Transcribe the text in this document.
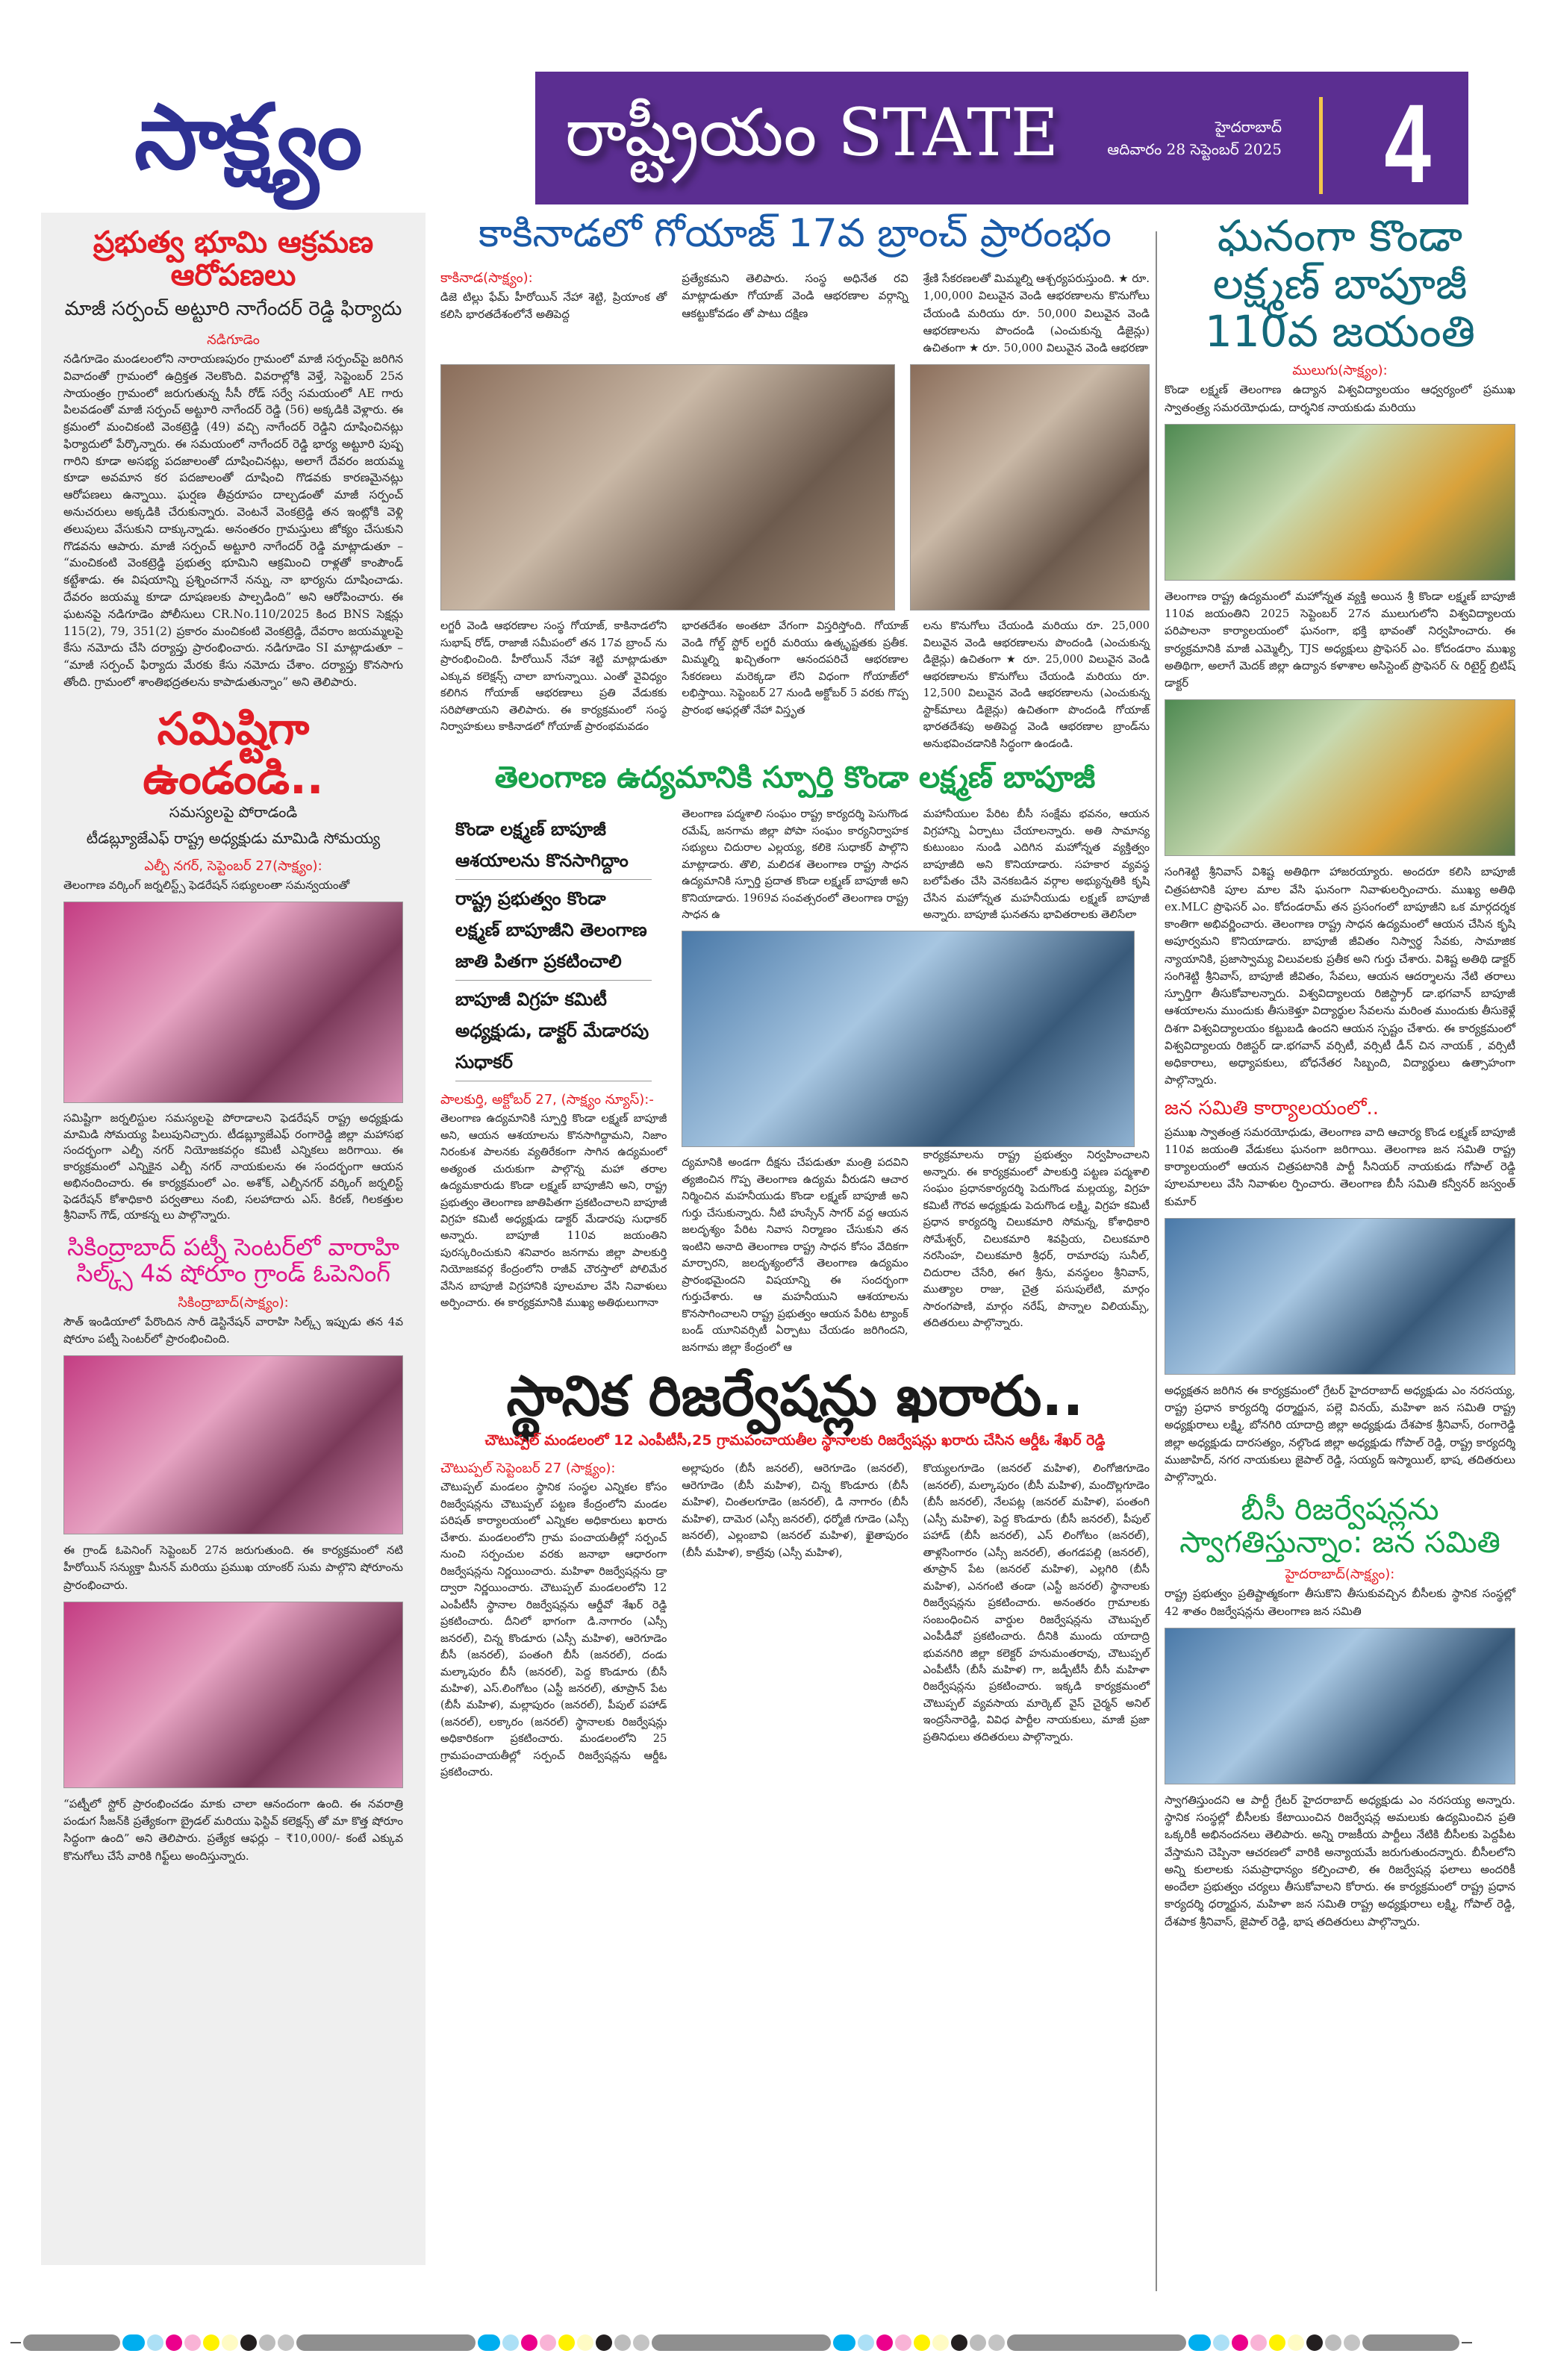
సాక్ష్యం	రాష్ట్రీయం STATE	హైదరాబాద్
ఆదివారం 28 సెప్టెంబర్ 2025 4
ప్రభుత్వ భూమి ఆక్రమణ ఆరోపణలు
మాజీ సర్పంచ్ అట్టూరి నాగేందర్ రెడ్డి ఫిర్యాదు
నడిగూడెం
నడిగూడెం మండలంలోని నారాయణపురం గ్రామంలో మాజీ సర్పంచ్‌పై జరిగిన వివాదంతో గ్రామంలో ఉద్రిక్తత నెలకొంది. వివరాల్లోకి వెళ్తే, సెప్టెంబర్ 25న సాయంత్రం గ్రామంలో జరుగుతున్న సీసీ రోడ్ సర్వే సమయంలో AE గారు పిలవడంతో మాజీ సర్పంచ్ అట్టూరి నాగేందర్ రెడ్డి (56) అక్కడికి వెళ్లారు. ఈ క్రమంలో మంచికంటి వెంకట్రెడ్డి (49) వచ్చి నాగేందర్ రెడ్డిని దూషించినట్లు ఫిర్యాదులో పేర్కొన్నారు. ఈ సమయంలో నాగేందర్ రెడ్డి భార్య అట్టూరి పుష్ప గారిని కూడా అసభ్య పదజాలంతో దూషించినట్లు, అలాగే దేవరం జయమ్మ కూడా అవమాన కర పదజాలంతో దూషించి గొడవకు కారణమైనట్లు ఆరోపణలు ఉన్నాయి. ఘర్షణ తీవ్రరూపం దాల్చడంతో మాజీ సర్పంచ్ అనుచరులు అక్కడికి చేరుకున్నారు. వెంటనే వెంకట్రెడ్డి తన ఇంట్లోకి వెళ్లి తలుపులు వేసుకుని దాక్కున్నాడు. అనంతరం గ్రామస్తులు జోక్యం చేసుకుని గొడవను ఆపారు. మాజీ సర్పంచ్ అట్టూరి నాగేందర్ రెడ్డి మాట్లాడుతూ – “మంచికంటి వెంకట్రెడ్డి ప్రభుత్వ భూమిని ఆక్రమించి రాళ్లతో కాంపౌండ్ కట్టేశాడు. ఈ విషయాన్ని ప్రశ్నించగానే నన్ను, నా భార్యను దూషించాడు. దేవరం జయమ్మ కూడా దూషణలకు పాల్పడింది” అని ఆరోపించారు. ఈ ఘటనపై నడిగూడెం పోలీసులు CR.No.110/2025 కింద BNS సెక్షన్లు 115(2), 79, 351(2) ప్రకారం మంచికంటి వెంకట్రెడ్డి, దేవరాం జయమ్మలపై కేసు నమోదు చేసి దర్యాప్తు ప్రారంభించారు. నడిగూడెం SI మాట్లాడుతూ – “మాజీ సర్పంచ్ ఫిర్యాదు మేరకు కేసు నమోదు చేశాం. దర్యాప్తు కొనసాగు తోంది. గ్రామంలో శాంతిభద్రతలను కాపాడుతున్నాం” అని తెలిపారు.
సమిష్టిగా ఉండండి..
సమస్యలపై పోరాడండి
టీడబ్ల్యూజేఎఫ్ రాష్ట్ర అధ్యక్షుడు మామిడి సోమయ్య
ఎల్బీ నగర్, సెప్టెంబర్ 27(సాక్ష్యం):
తెలంగాణ వర్కింగ్ జర్నలిస్ట్స్ ఫెడరేషన్ సభ్యులంతా సమన్వయంతో
సమిష్టిగా జర్నలిస్టుల సమస్యలపై పోరాడాలని ఫెడరేషన్ రాష్ట్ర అధ్యక్షుడు మామిడి సోమయ్య పిలుపునిచ్చారు. టీడబ్ల్యూజేఎఫ్ రంగారెడ్డి జిల్లా మహాసభ సందర్భంగా ఎల్బీ నగర్ నియోజకవర్గం కమిటీ ఎన్నికలు జరిగాయి. ఈ కార్యక్రమంలో ఎన్నికైన ఎల్బీ నగర్ నాయకులను ఈ సందర్భంగా ఆయన అభినందించారు. ఈ కార్యక్రమంలో ఎం. అశోక్, ఎల్బీనగర్ వర్కింగ్ జర్నలిస్ట్ ఫెడరేషన్ కోశాధికారి పర్వతాలు నంబి, సలహాదారు ఎస్. కిరణ్, గిలకత్తుల శ్రీనివాస్ గౌడ్, యాకన్న లు పాల్గొన్నారు.
సికింద్రాబాద్ పట్నీ సెంటర్‌లో వారాహి సిల్క్స్ 4వ షోరూం గ్రాండ్ ఓపెనింగ్
సికింద్రాబాద్(సాక్ష్యం):
సౌత్ ఇండియాలో పేరొందిన సారీ డెస్టినేషన్ వారాహి సిల్క్స్ ఇప్పుడు తన 4వ షోరూం పట్నీ సెంటర్‌లో ప్రారంభించింది.
ఈ గ్రాండ్ ఓపెనింగ్ సెప్టెంబర్ 27న జరుగుతుంది. ఈ కార్యక్రమంలో నటి హీరోయిన్ సన్యుక్తా మీనన్ మరియు ప్రముఖ యాంకర్ సుమ పాల్గొని షోరూంను ప్రారంభించారు.
“పట్నీలో స్టోర్ ప్రారంభించడం మాకు చాలా ఆనందంగా ఉంది. ఈ నవరాత్రి పండుగ సీజన్‌కి ప్రత్యేకంగా బ్రైడల్ మరియు ఫెస్టివ్ కలెక్షన్స్ తో మా కొత్త షోరూం సిద్ధంగా ఉంది” అని తెలిపారు. ప్రత్యేక ఆఫర్లు – ₹10,000/- కంటే ఎక్కువ కొనుగోలు చేసే వారికి గిఫ్ట్‌లు అందిస్తున్నారు.
కాకినాడలో గోయాజ్ 17వ బ్రాంచ్ ప్రారంభం
కాకినాడ(సాక్ష్యం):
డిజె టిల్లు ఫేమ్ హీరోయిన్ నేహా శెట్టి, ప్రియాంక తో కలిసి భారతదేశంలోనే అతిపెద్ద
ప్రత్యేకమని తెలిపారు. సంస్థ అధినేత రవి మాట్లాడుతూ గోయాజ్ వెండి ఆభరణాల వర్గాన్ని ఆకట్టుకోవడం తో పాటు దక్షిణ
శ్రేణి సేకరణలతో మిమ్మల్ని ఆశ్చర్యపరుస్తుంది. ★ రూ. 1,00,000 విలువైన వెండి ఆభరణాలను కొనుగోలు చేయండి మరియు రూ. 50,000 విలువైన వెండి ఆభరణాలను పొందండి (ఎంచుకున్న డిజైన్లు) ఉచితంగా ★ రూ. 50,000 విలువైన వెండి ఆభరణా
లగ్జరీ వెండి ఆభరణాల సంస్థ గోయాజ్, కాకినాడలోని సుభాష్ రోడ్, రాజాజీ సమీపంలో తన 17వ బ్రాంచ్ ను ప్రారంభించింది. హీరోయిన్ నేహా శెట్టి మాట్లాడుతూ ఎక్కువ కలెక్షన్స్ చాలా బాగున్నాయి. ఎంతో వైవిధ్యం కలిగిన గోయాజ్ ఆభరణాలు ప్రతి వేడుకకు సరిపోతాయని తెలిపారు. ఈ కార్యక్రమంలో సంస్థ నిర్వాహకులు కాకినాడలో గోయాజ్ ప్రారంభమవడం
భారతదేశం అంతటా వేగంగా విస్తరిస్తోంది. గోయాజ్ వెండి గోల్డ్ స్టోర్ లగ్జరీ మరియు ఉత్కృష్టతకు ప్రతీక. మిమ్మల్ని ఖచ్చితంగా ఆనందపరిచే ఆభరణాల సేకరణలు మరెక్కడా లేని విధంగా గోయాజ్‌లో లభిస్తాయి. సెప్టెంబర్ 27 నుండి అక్టోబర్ 5 వరకు గొప్ప ప్రారంభ ఆఫర్లతో నేహా విస్తృత
లను కొనుగోలు చేయండి మరియు రూ. 25,000 విలువైన వెండి ఆభరణాలను పొందండి (ఎంచుకున్న డిజైన్లు) ఉచితంగా ★ రూ. 25,000 విలువైన వెండి ఆభరణాలను కొనుగోలు చేయండి మరియు రూ. 12,500 విలువైన వెండి ఆభరణాలను (ఎంచుకున్న స్టాక్‌మాలు డిజైన్లు) ఉచితంగా పొందండి గోయాజ్ భారతదేశపు అతిపెద్ద వెండి ఆభరణాల బ్రాండ్‌ను అనుభవించడానికి సిద్ధంగా ఉండండి.
తెలంగాణ ఉద్యమానికి స్పూర్తి కొండా లక్ష్మణ్ బాపూజీ
కొండా లక్ష్మణ్ బాపూజీ ఆశయాలను కొనసాగిద్దాం
రాష్ట్ర ప్రభుత్వం కొండా లక్ష్మణ్ బాపూజీని తెలంగాణ జాతి పితగా ప్రకటించాలి
బాపూజీ విగ్రహ కమిటీ అధ్యక్షుడు, డాక్టర్ మేడారపు సుధాకర్
పాలకుర్తి, అక్టోబర్ 27, (సాక్ష్యం న్యూస్):-
తెలంగాణ ఉద్యమానికి స్పూర్తి కొండా లక్ష్మణ్ బాపూజీ అని, ఆయన ఆశయాలను కొనసాగిద్దామని, నిజాం నిరంకుశ పాలనకు వ్యతిరేకంగా సాగిన ఉద్యమంలో అత్యంత చురుకుగా పాల్గొన్న మహా తరాల ఉద్యమకారుడు కొండా లక్ష్మణ్ బాపూజీని అని, రాష్ట్ర ప్రభుత్వం తెలంగాణ జాతిపితగా ప్రకటించాలని బాపూజీ విగ్రహ కమిటీ అధ్యక్షుడు డాక్టర్ మేడారపు సుధాకర్ అన్నారు. బాపూజీ 110వ జయంతిని పురస్కరించుకుని శనివారం జనగామ జిల్లా పాలకుర్తి నియోజకవర్గ కేంద్రంలోని రాజీవ్ చౌరస్తాలో పోలిమేర వేసిన బాపూజీ విగ్రహానికి పూలమాల వేసి నివాళులు అర్పించారు. ఈ కార్యక్రమానికి ముఖ్య అతిథులుగానా
తెలంగాణ పద్మశాలి సంఘం రాష్ట్ర కార్యదర్శి పెసుగొండ రమేష్, జనగామ జిల్లా పోపా సంఘం కార్యనిర్వాహక సభ్యులు చిదురాల ఎల్లయ్య, కలికె సుధాకర్ పాల్గొని మాట్లాడారు. తొలి, మలిదశ తెలంగాణ రాష్ట్ర సాధన ఉద్యమానికి స్పూర్తి ప్రదాత కొండా లక్ష్మణ్ బాపూజీ అని కొనియాడారు. 1969వ సంవత్సరంలో తెలంగాణ రాష్ట్ర సాధన ఉ
ద్యమానికి అండగా దీక్షను చేపడుతూ మంత్రి పదవిని త్యజించిన గొప్ప తెలంగాణ ఉద్యమ వీరుడని ఆచార నిర్మించిన మహనీయుడు కొండా లక్ష్మణ్ బాపూజీ అని గుర్తు చేసుకున్నారు. నీటి హుస్సేన్ సాగర్ వద్ద ఆయన జలదృశ్యం పేరిట నివాస నిర్మాణం చేసుకుని తన ఇంటిని అనాది తెలంగాణ రాష్ట్ర సాధన కోసం వేదికగా మార్చారని, జలదృశ్యంలోనే తెలంగాణ ఉద్యమం ప్రారంభమైందని విషయాన్ని ఈ సందర్భంగా గుర్తుచేశారు. ఆ మహనీయుని ఆశయాలను కొనసాగించాలని రాష్ట్ర ప్రభుత్వం ఆయన పేరిట ట్యాంక్ బండ్ యూనివర్సిటీ ఏర్పాటు చేయడం జరిగిందని, జనగామ జిల్లా కేంద్రంలో ఆ
మహానీయుల పేరిట బీసీ సంక్షేమ భవనం, ఆయన విగ్రహాన్ని ఏర్పాటు చేయాలన్నారు. అతి సామాన్య కుటుంబం నుండి ఎదిగిన మహోన్నత వ్యక్తిత్వం బాపూజీది అని కొనియాడారు. సహకార వ్యవస్థ బలోపేతం చేసి వెనకబడిన వర్గాల అభ్యున్నతికి కృషి చేసిన మహోన్నత మహనీయుడు లక్ష్మణ్ బాపూజీ అన్నారు. బాపూజీ ఘనతను భావితరాలకు తెలిసేలా
కార్యక్రమాలను రాష్ట్ర ప్రభుత్వం నిర్వహించాలని అన్నారు. ఈ కార్యక్రమంలో పాలకుర్తి పట్టణ పద్మశాలి సంఘం ప్రధానకార్యదర్శి పెదుగొండ మల్లయ్య, విగ్రహ కమిటీ గౌరవ అధ్యక్షుడు పెదుగొండ లక్ష్మి, విగ్రహ కమిటీ ప్రధాన కార్యదర్శి చిలుకమారి సోమన్న, కోశాధికారి సోమేశ్వర్, చిలుకమారి శివప్రియ, చిలుకమారి నరసింహ, చిలుకమారి శ్రీధర్, రామారపు సునీల్, చిదురాల చేసేరి, ఈగ శ్రీను, వనస్థలం శ్రీనివాస్, ముత్యాల రాజు, చైత్ర పసుపులేటి, మార్గం సారంగపాణి, మార్గం నరేష్, పొన్నాల విలియమ్స్, తదితరులు పాల్గొన్నారు.
స్థానిక రిజర్వేషన్లు ఖరారు..
చౌటుప్పల్ మండలంలో 12 ఎంపీటీసీ,25 గ్రామపంచాయతీల స్థానాలకు రిజర్వేషన్లు ఖరారు చేసిన ఆర్డీఓ శేఖర్ రెడ్డి
చౌటుప్పల్ సెప్టెంబర్ 27 (సాక్ష్యం):
చౌటుప్పల్ మండలం స్థానిక సంస్థల ఎన్నికల కోసం రిజర్వేషన్లను చౌటుప్పల్ పట్టణ కేంద్రంలోని మండల పరిషత్ కార్యాలయంలో ఎన్నికల అధికారులు ఖరారు చేశారు. మండలంలోని గ్రామ పంచాయతీల్లో సర్పంచ్ నుంచి సర్పంచుల వరకు జనాభా ఆధారంగా రిజర్వేషన్లను నిర్ణయించారు. మహిళా రిజర్వేషన్లను డ్రా ద్వారా నిర్ణయించారు. చౌటుప్పల్ మండలంలోని 12 ఎంపీటీసీ స్థానాల రిజర్వేషన్లను ఆర్డీవో శేఖర్ రెడ్డి ప్రకటించారు. దీనిలో భాగంగా డి.నాగారం (ఎస్సీ జనరల్), చిన్న కొండూరు (ఎస్సీ మహిళ), ఆరెగూడెం బీసీ (జనరల్), పంతంగి బీసీ (జనరల్), దండు మల్కాపురం బీసీ (జనరల్), పెద్ద కొండూరు (బీసీ మహిళ), ఎస్.లింగోటం (ఎస్టీ జనరల్), తూప్రాన్ పేట (బీసీ మహిళ), మల్లాపురం (జనరల్), పీపుల్ పహాడ్ (జనరల్), లక్కారం (జనరల్) స్థానాలకు రిజర్వేషన్లు అధికారికంగా ప్రకటించారు. మండలంలోని 25 గ్రామపంచాయతీల్లో సర్పంచ్ రిజర్వేషన్లను ఆర్డీఓ ప్రకటించారు.
అల్లాపురం (బీసీ జనరల్), ఆరెగూడెం (జనరల్), ఆరెగూడెం (బీసీ మహిళ), చిన్న కొండూరు (బీసీ మహిళ), చింతలగూడెం (జనరల్), డి నాగారం (బీసీ మహిళ), దామెర (ఎస్సీ జనరల్), ధర్మోజీ గూడెం (ఎస్సీ జనరల్), ఎల్లంబావి (జనరల్ మహిళ), ఖైతాపురం (బీసీ మహిళ), కాట్రేవు (ఎస్సీ మహిళ),
కొయ్యలగూడెం (జనరల్ మహిళ), లింగోజిగూడెం (జనరల్), మల్కాపురం (బీసీ మహిళ), మందొల్లగూడెం (బీసీ జనరల్), నేలపట్ల (జనరల్ మహిళ), పంతంగి (ఎస్సీ మహిళ), పెద్ద కొండూరు (బీసీ జనరల్), పీపుల్ పహాడ్ (బీసీ జనరల్), ఎస్ లింగోటం (జనరల్), తాళ్లసింగారం (ఎస్సీ జనరల్), తంగడపల్లి (జనరల్), తూప్రాన్ పేట (జనరల్ మహిళ), ఎల్లగిరి (బీసీ మహిళ), ఎనగంటి తండా (ఎస్టీ జనరల్) స్థానాలకు రిజర్వేషన్లను ప్రకటించారు. అనంతరం గ్రామాలకు సంబంధించిన వార్డుల రిజర్వేషన్లను చౌటుప్పల్ ఎంపీడీవో ప్రకటించారు. దీనికి ముందు యాదాద్రి భువనగిరి జిల్లా కలెక్టర్ హనుమంతరావు, చౌటుప్పల్ ఎంపీటీసీ (బీసీ మహిళ) గా, జడ్పీటీసీ బీసీ మహిళా రిజర్వేషన్లను ప్రకటించారు. ఇక్కడి కార్యక్రమంలో చౌటుప్పల్ వ్యవసాయ మార్కెట్ వైస్ చైర్మన్ అనిల్ ఇంద్రసేనారెడ్డి, వివిధ పార్టీల నాయకులు, మాజీ ప్రజా ప్రతినిధులు తదితరులు పాల్గొన్నారు.
ఘనంగా కొండా లక్ష్మణ్ బాపూజీ 110వ జయంతి
ములుగు(సాక్ష్యం):
కొండా లక్ష్మణ్ తెలంగాణ ఉద్యాన విశ్వవిద్యాలయం ఆధ్వర్యంలో ప్రముఖ స్వాతంత్ర్య సమరయోధుడు, దార్శనిక నాయకుడు మరియు
తెలంగాణ రాష్ట్ర ఉద్యమంలో మహోన్నత వ్యక్తి అయిన శ్రీ కొండా లక్ష్మణ్ బాపూజీ 110వ జయంతిని 2025 సెప్టెంబర్ 27న ములుగులోని విశ్వవిద్యాలయ పరిపాలనా కార్యాలయంలో ఘనంగా, భక్తి భావంతో నిర్వహించారు. ఈ కార్యక్రమానికి మాజీ ఎమ్మెల్సీ, TJS అధ్యక్షులు ప్రొఫెసర్ ఎం. కోదండరాం ముఖ్య అతిథిగా, అలాగే మెదక్ జిల్లా ఉద్యాన కళాశాల అసిస్టెంట్ ప్రొఫెసర్ & రిటైర్డ్ బ్రిటిష్ డాక్టర్
సంగిశెట్టి శ్రీనివాస్ విశిష్ట అతిథిగా హాజరయ్యారు. అందరూ కలిసి బాపూజీ చిత్రపటానికి పూల మాల వేసి ఘనంగా నివాళులర్పించారు. ముఖ్య అతిథి ex.MLC ప్రొఫెసర్ ఎం. కోదండరామ్ తన ప్రసంగంలో బాపూజీని ఒక మార్గదర్శక కాంతిగా అభివర్ణించారు. తెలంగాణ రాష్ట్ర సాధన ఉద్యమంలో ఆయన చేసిన కృషి అపూర్వమని కొనియాడారు. బాపూజీ జీవితం నిస్వార్థ సేవకు, సామాజిక న్యాయానికి, ప్రజాస్వామ్య విలువలకు ప్రతీక అని గుర్తు చేశారు. విశిష్ట అతిథి డాక్టర్ సంగిశెట్టి శ్రీనివాస్, బాపూజీ జీవితం, సేవలు, ఆయన ఆదర్శాలను నేటి తరాలు స్ఫూర్తిగా తీసుకోవాలన్నారు. విశ్వవిద్యాలయ రిజిస్ట్రార్ డా.భగవాన్ బాపూజీ ఆశయాలను ముందుకు తీసుకెళ్తూ విద్యార్థుల సేవలను మరింత ముందుకు తీసుకెళ్లే దిశగా విశ్వవిద్యాలయం కట్టుబడి ఉందని ఆయన స్పష్టం చేశారు. ఈ కార్యక్రమంలో విశ్వవిద్యాలయ రిజిస్టర్ డా.భగవాన్ వర్సిటీ, వర్సిటీ డీన్ చిన నాయక్ , వర్సిటీ అధికారాలు, అధ్యాపకులు, బోధనేతర సిబ్బంది, విద్యార్థులు ఉత్సాహంగా పాల్గొన్నారు.
జన సమితి కార్యాలయంలో..
ప్రముఖ స్వాతంత్ర సమరయోధుడు, తెలంగాణ వాది ఆచార్య కొండ లక్ష్మణ్ బాపూజీ 110వ జయంతి వేడుకలు ఘనంగా జరిగాయి. తెలంగాణ జన సమితి రాష్ట్ర కార్యాలయంలో ఆయన చిత్రపటానికి పార్టీ సీనియర్ నాయకుడు గోపాల్ రెడ్డి పూలమాలలు వేసి నివాళుల ర్పించారు. తెలంగాణ బీసీ సమితి కన్వీనర్ జస్వంత్ కుమార్
అధ్యక్షతన జరిగిన ఈ కార్యక్రమంలో గ్రేటర్ హైదరాబాద్ అధ్యక్షుడు ఎం నరసయ్య, రాష్ట్ర ప్రధాన కార్యదర్శి ధర్మార్జున, పల్లె వినయ్, మహిళా జన సమితి రాష్ట్ర అధ్యక్షురాలు లక్ష్మి, బోనగిరి యాదాద్రి జిల్లా అధ్యక్షుడు దేశపాక శ్రీనివాస్, రంగారెడ్డి జిల్లా అధ్యక్షుడు దారసత్యం, నల్గొండ జిల్లా అధ్యక్షుడు గోపాల్ రెడ్డి, రాష్ట్ర కార్యదర్శి ముజాహిద్, నగర నాయకులు జైపాల్ రెడ్డి, సయ్యద్ ఇస్మాయిల్, భాష, తదితరులు పాల్గొన్నారు.
బీసీ రిజర్వేషన్లను స్వాగతిస్తున్నాం: జన సమితి
హైదరాబాద్(సాక్ష్యం):
రాష్ట్ర ప్రభుత్వం ప్రతిష్టాత్మకంగా తీసుకొని తీసుకువచ్చిన బీసీలకు స్థానిక సంస్థల్లో 42 శాతం రిజర్వేషన్లను తెలంగాణ జన సమితి
స్వాగతిస్తుందని ఆ పార్టీ గ్రేటర్ హైదరాబాద్ అధ్యక్షుడు ఎం నరసయ్య అన్నారు. స్థానిక సంస్థల్లో బీసీలకు కేటాయించిన రిజర్వేషన్ల అమలుకు ఉద్యమించిన ప్రతి ఒక్కరికీ అభినందనలు తెలిపారు. అన్ని రాజకీయ పార్టీలు నేటికి బీసీలకు పెద్దపీట వేస్తామని చెప్పినా ఆచరణలో వారికి అన్యాయమే జరుగుతుందన్నారు. బీసీలలోని అన్ని కులాలకు సమప్రాధాన్యం కల్పించాలి, ఈ రిజర్వేషన్ల ఫలాలు అందరికీ అందేలా ప్రభుత్వం చర్యలు తీసుకోవాలని కోరారు. ఈ కార్యక్రమంలో రాష్ట్ర ప్రధాన కార్యదర్శి ధర్మార్జున, మహిళా జన సమితి రాష్ట్ర అధ్యక్షురాలు లక్ష్మి, గోపాల్ రెడ్డి, దేశపాక శ్రీనివాస్, జైపాల్ రెడ్డి, భాష తదితరులు పాల్గొన్నారు.
